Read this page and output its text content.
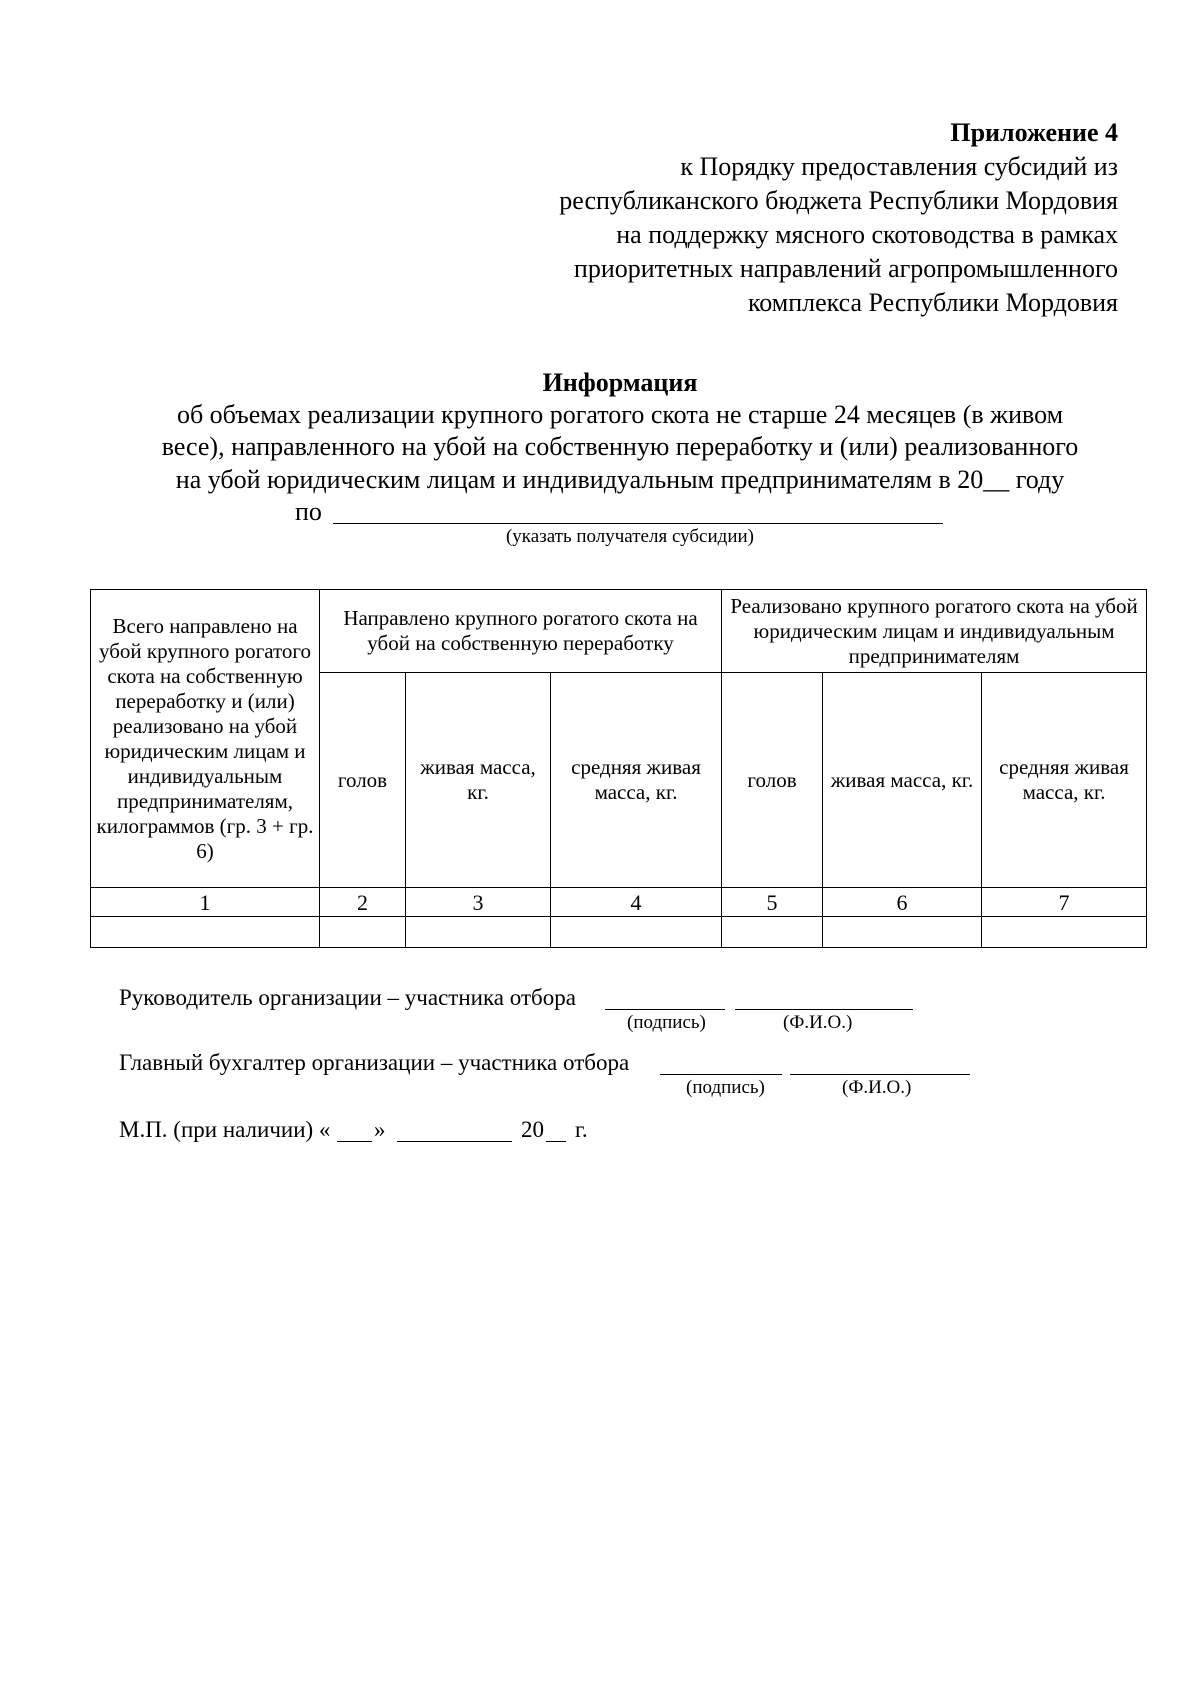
Приложение 4
к Порядку предоставления субсидий из
республиканского бюджета Республики Мордовия
на поддержку мясного скотоводства в рамках
приоритетных направлений агропромышленного
комплекса Республики Мордовия
Информация
об объемах реализации крупного рогатого скота не старше 24 месяцев (в живом
весе), направленного на убой на собственную переработку и (или) реализованного
на убой юридическим лицам и индивидуальным предпринимателям в 20__ году
по
(указать получателя субсидии)
Всего направлено на убой крупного рогатого скота на собственную переработку и (или) реализовано на убой юридическим лицам и индивидуальным предпринимателям, килограммов (гр. 3 + гр. 6)	Направлено крупного рогатого скота на убой на собственную переработку			Реализовано крупного рогатого скота на убой юридическим лицам и индивидуальным предпринимателям		
	голов	живая масса, кг.	средняя живая масса, кг.	голов	живая масса, кг.	средняя живая масса, кг.
1	2	3	4	5	6	7

Руководитель организации – участника отбора
(подпись)	(Ф.И.О.)
Главный бухгалтер организации – участника отбора
(подпись)	(Ф.И.О.)
М.П. (при наличии) « »	20 г.
